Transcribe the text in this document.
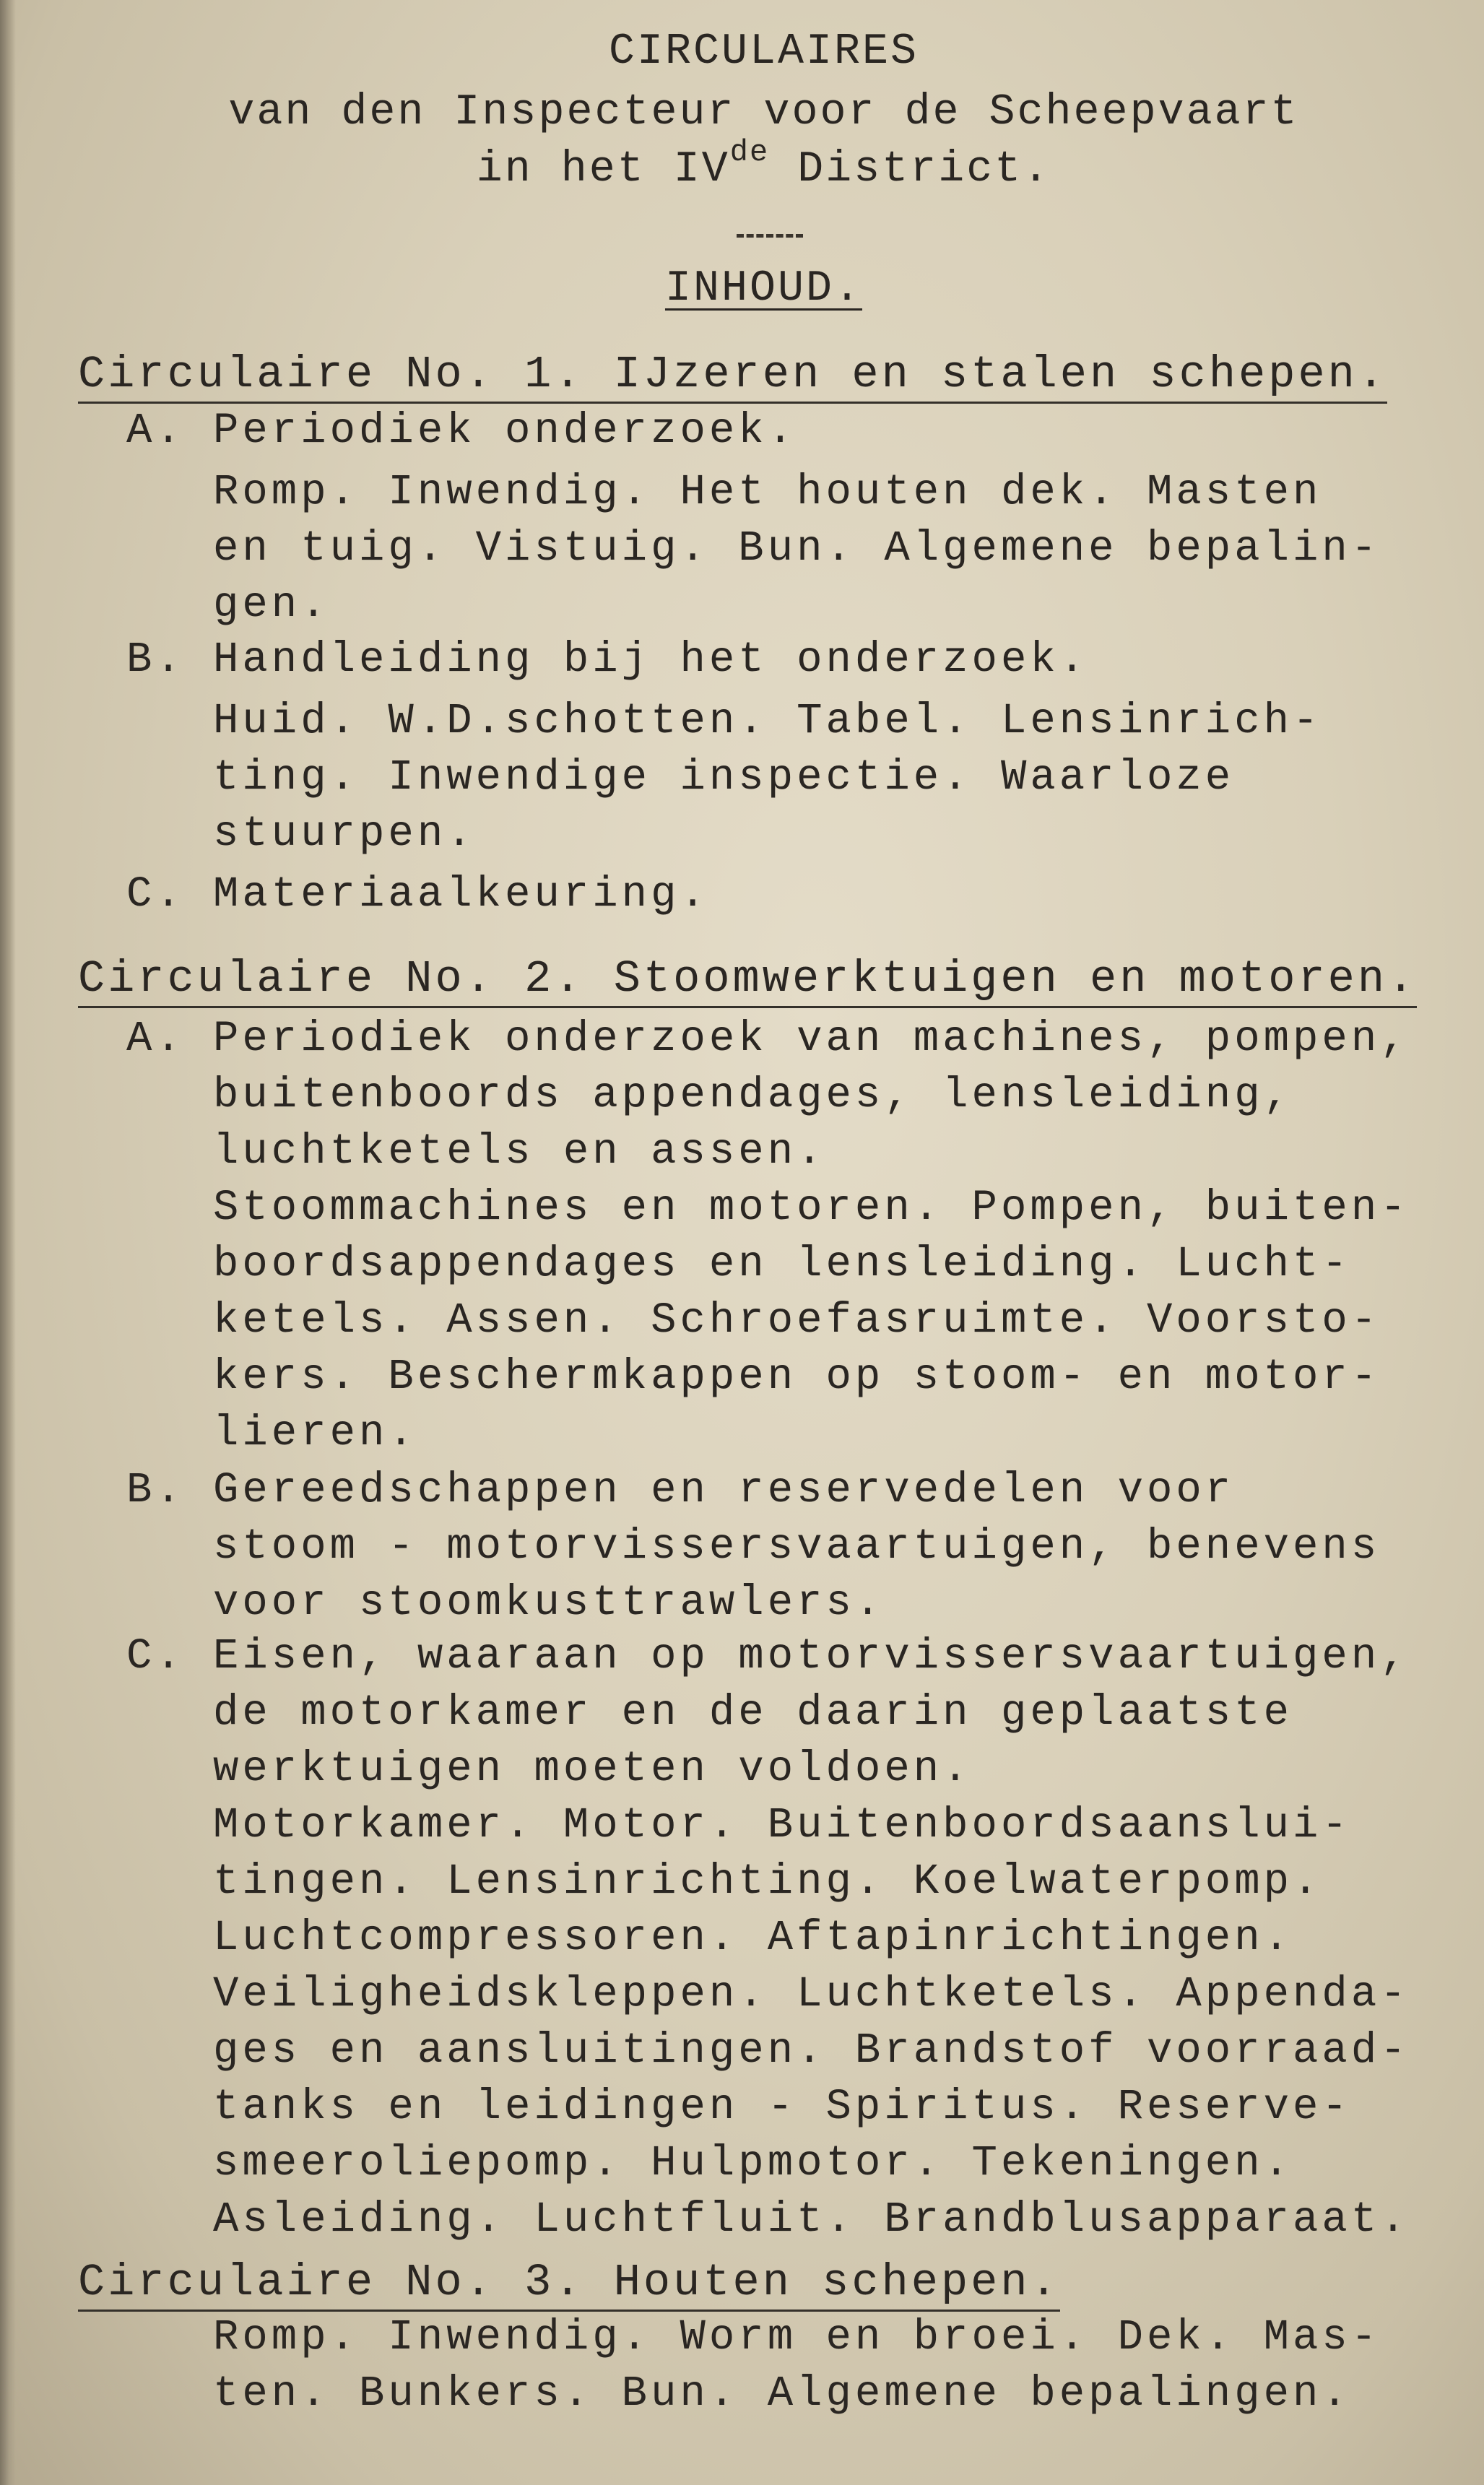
CIRCULAIRES
van den Inspecteur voor de Scheepvaart
in het IVde District.
INHOUD.
Circulaire No. 1. IJzeren en stalen schepen.
A. Periodiek onderzoek.
Romp. Inwendig. Het houten dek. Masten
en tuig. Vistuig. Bun. Algemene bepalin-
gen.
B. Handleiding bij het onderzoek.
Huid. W.D.schotten. Tabel. Lensinrich-
ting. Inwendige inspectie. Waarloze
stuurpen.
C. Materiaalkeuring.
Circulaire No. 2. Stoomwerktuigen en motoren.
A. Periodiek onderzoek van machines, pompen,
buitenboords appendages, lensleiding,
luchtketels en assen.
Stoommachines en motoren. Pompen, buiten-
boordsappendages en lensleiding. Lucht-
ketels. Assen. Schroefasruimte. Voorsto-
kers. Beschermkappen op stoom- en motor-
lieren.
B. Gereedschappen en reservedelen voor
stoom - motorvissersvaartuigen, benevens
voor stoomkusttrawlers.
C. Eisen, waaraan op motorvissersvaartuigen,
de motorkamer en de daarin geplaatste
werktuigen moeten voldoen.
Motorkamer. Motor. Buitenboordsaanslui-
tingen. Lensinrichting. Koelwaterpomp.
Luchtcompressoren. Aftapinrichtingen.
Veiligheidskleppen. Luchtketels. Appenda-
ges en aansluitingen. Brandstof voorraad-
tanks en leidingen - Spiritus. Reserve-
smeeroliepomp. Hulpmotor. Tekeningen.
Asleiding. Luchtfluit. Brandblusapparaat.
Circulaire No. 3. Houten schepen.
Romp. Inwendig. Worm en broei. Dek. Mas-
ten. Bunkers. Bun. Algemene bepalingen.
